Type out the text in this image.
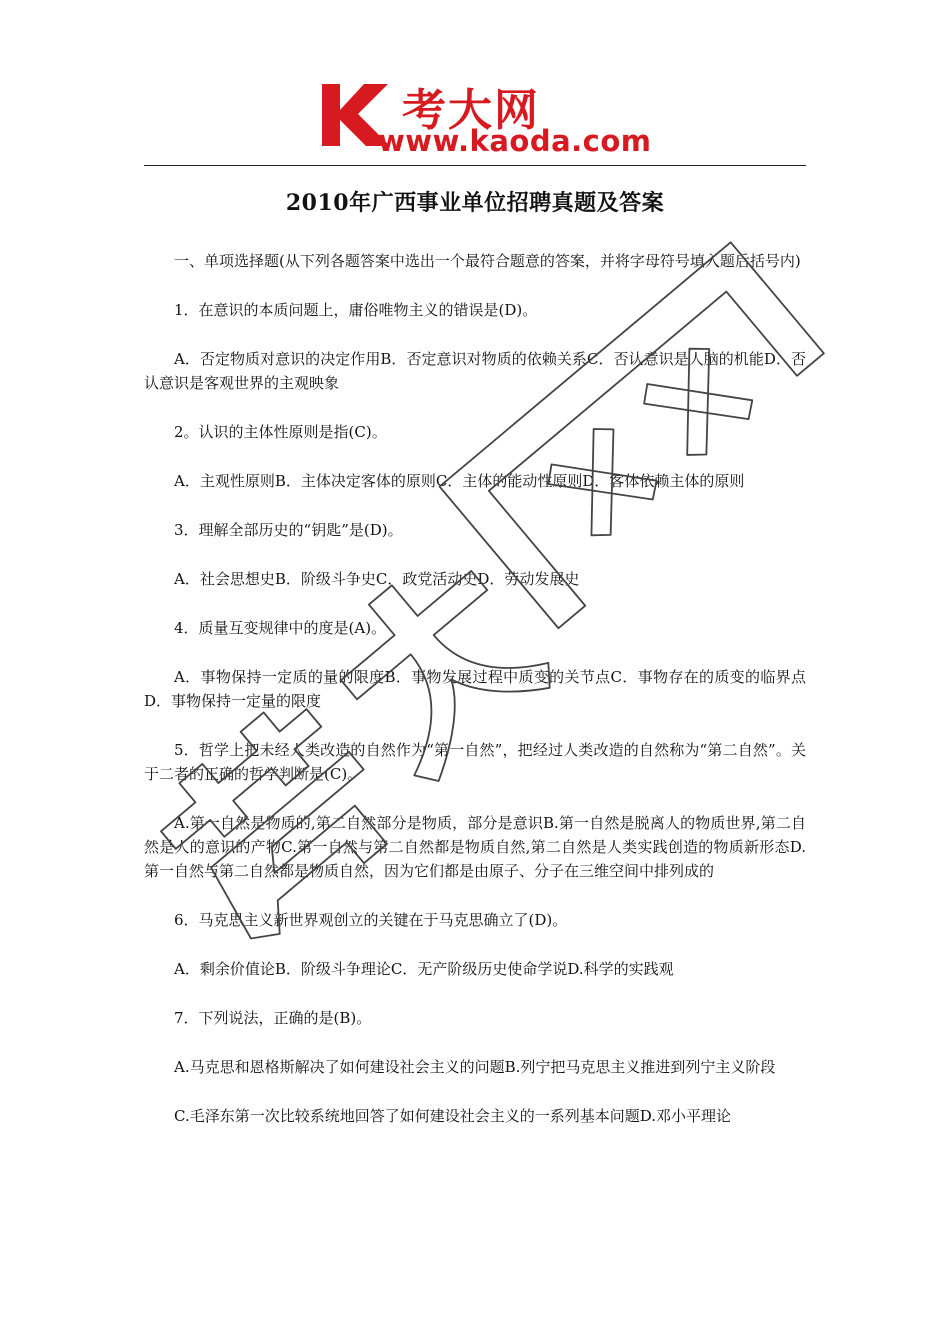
考大网
www.kaoda.com
2010年广西事业单位招聘真题及答案

一、单项选择题(从下列各题答案中选出一个最符合题意的答案，并将字母符号填入题后括号内)

1．在意识的本质问题上，庸俗唯物主义的错误是(D)。

A．否定物质对意识的决定作用B．否定意识对物质的依赖关系C．否认意识是人脑的机能D．否认意识是客观世界的主观映象

2。认识的主体性原则是指(C)。

A．主观性原则B．主体决定客体的原则C．主体的能动性原则D．客体依赖主体的原则

3．理解全部历史的“钥匙”是(D)。

A．社会思想史B．阶级斗争史C．政党活动史D．劳动发展史

4．质量互变规律中的度是(A)。

A．事物保持一定质的量的限度B．事物发展过程中质变的关节点C．事物存在的质变的临界点D．事物保持一定量的限度

5．哲学上把未经人类改造的自然作为“第一自然”，把经过人类改造的自然称为“第二自然”。关于二者的正确的哲学判断是(C)。

A.第一自然是物质的,第二自然部分是物质，部分是意识B.第一自然是脱离人的物质世界,第二自然是人的意识的产物C.第一自然与第二自然都是物质自然,第二自然是人类实践创造的物质新形态D.第一自然与第二自然都是物质自然，因为它们都是由原子、分子在三维空间中排列成的

6．马克思主义新世界观创立的关键在于马克思确立了(D)。

A．剩余价值论B．阶级斗争理论C．无产阶级历史使命学说D.科学的实践观

7．下列说法，正确的是(B)。

A.马克思和恩格斯解决了如何建设社会主义的问题B.列宁把马克思主义推进到列宁主义阶段

C.毛泽东第一次比较系统地回答了如何建设社会主义的一系列基本问题D.邓小平理论
